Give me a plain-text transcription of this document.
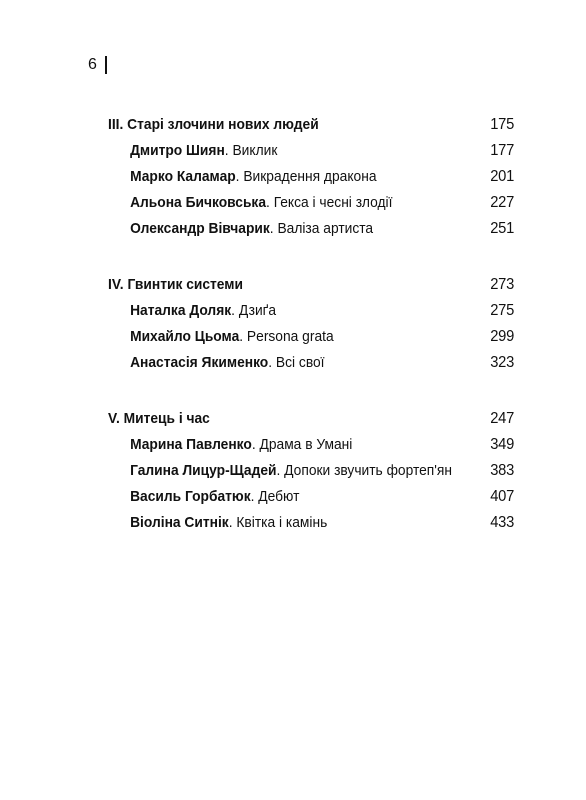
6
III. Старі злочини нових людей	175
Дмитро Шиян. Виклик	177
Марко Каламар. Викрадення дракона	201
Альона Бичковська. Гекса і чесні злодії	227
Олександр Вівчарик. Валіза артиста	251
IV. Гвинтик системи	273
Наталка Доляк. Дзиґа	275
Михайло Цьома. Persona grata	299
Анастасія Якименко. Всі свої	323
V. Митець і час	247
Марина Павленко. Драма в Умані	349
Галина Лицур-Щадей. Допоки звучить фортеп'ян 383
Василь Горбатюк. Дебют	407
Віоліна Ситнік. Квітка і камінь	433
